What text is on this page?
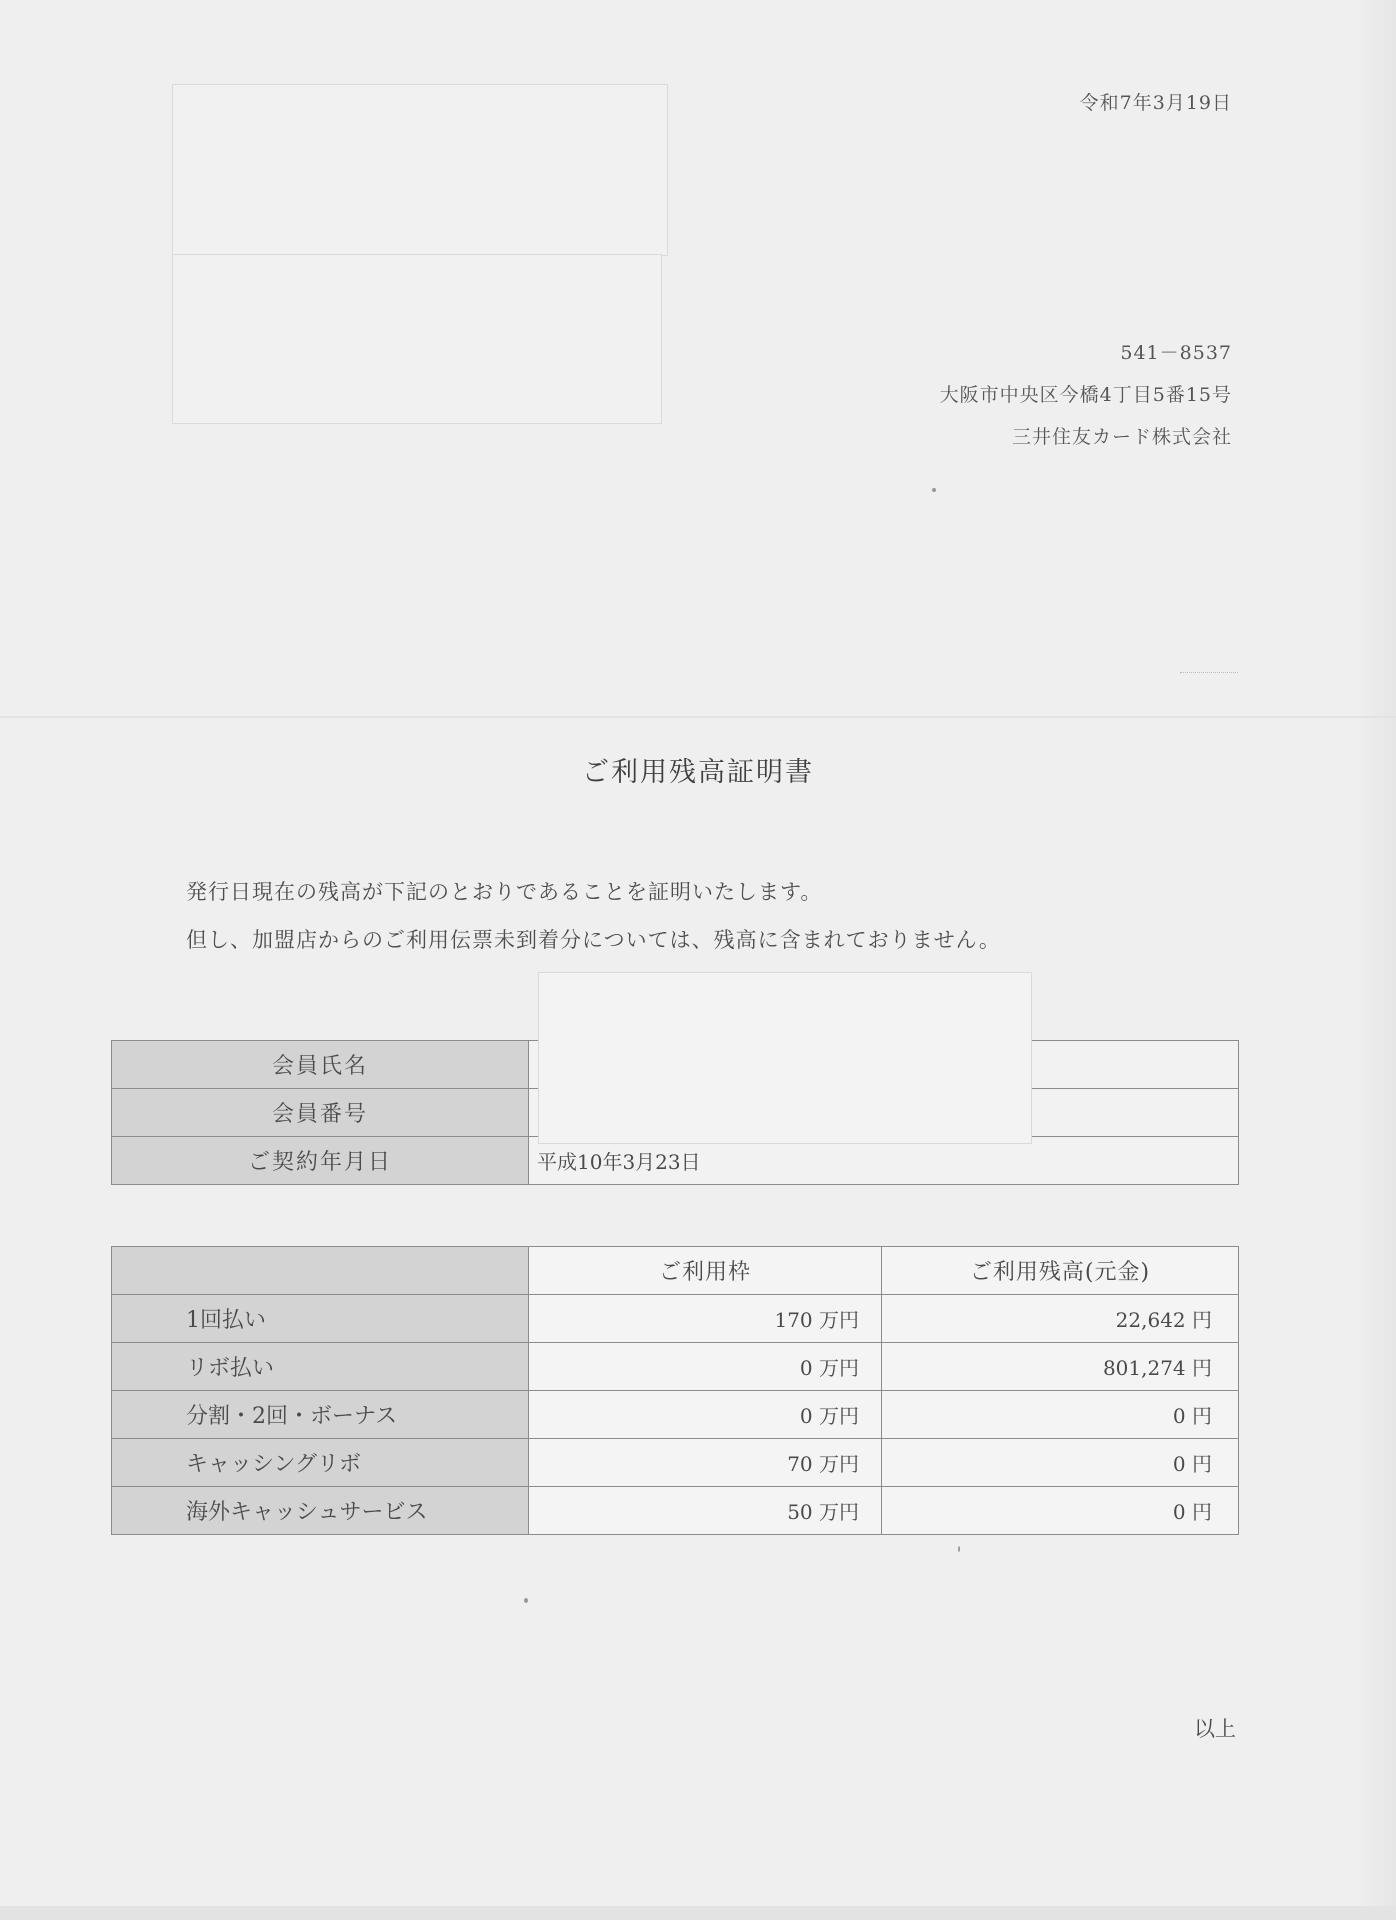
令和7年3月19日
541－8537
大阪市中央区今橋4丁目5番15号
三井住友カード株式会社
ご利用残高証明書
発行日現在の残高が下記のとおりであることを証明いたします。
但し、加盟店からのご利用伝票未到着分については、残高に含まれておりません。
会員氏名	
会員番号	
ご契約年月日	平成10年3月23日
	ご利用枠	ご利用残高(元金)
1回払い	170 万円	22,642 円
リボ払い	0 万円	801,274 円
分割・2回・ボーナス	0 万円	0 円
キャッシングリボ	70 万円	0 円
海外キャッシュサービス	50 万円	0 円
以上
